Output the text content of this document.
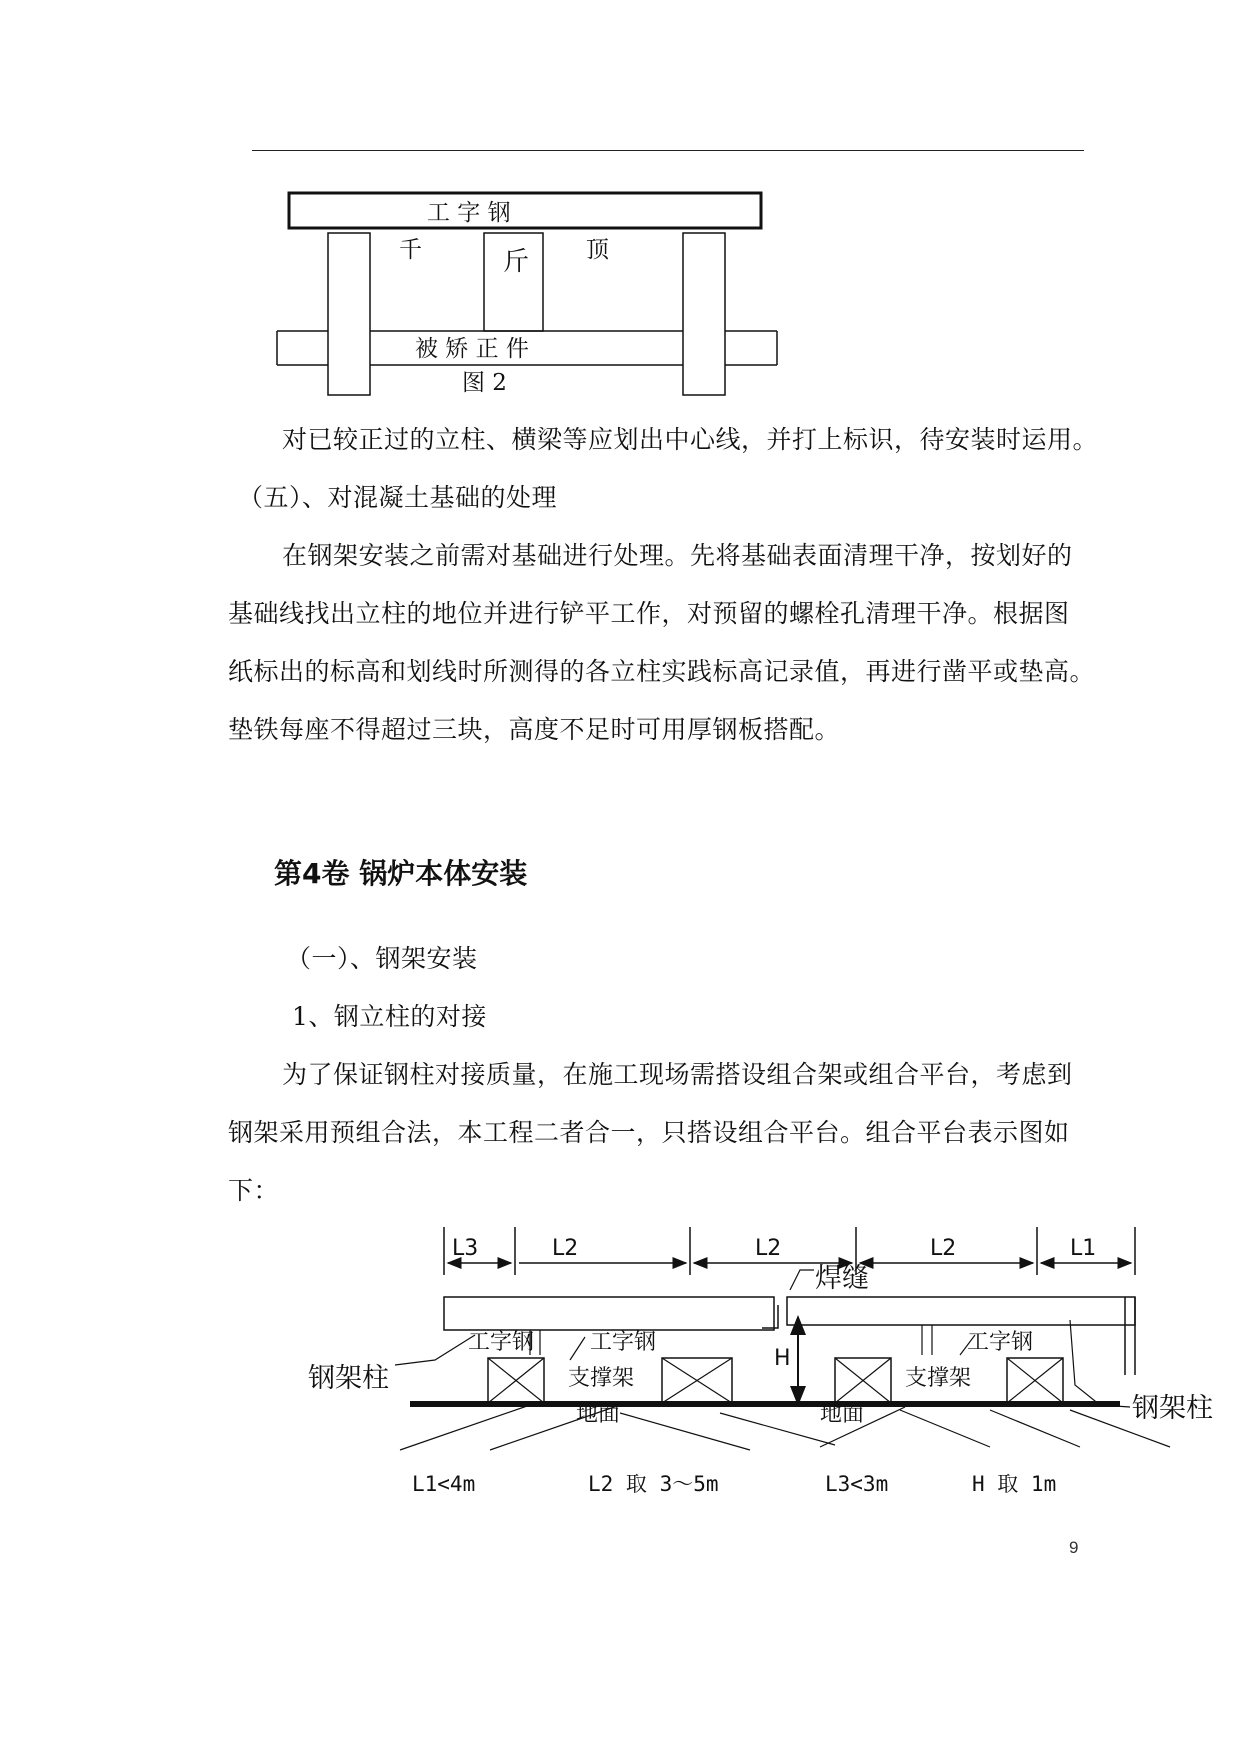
工 字 钢
千	斤 顶
被 矫 正 件
图 2
对已较正过的立柱、横梁等应划出中心线，并打上标识，待安装时运用。
（五）、对混凝土基础的处理
在钢架安装之前需对基础进行处理。先将基础表面清理干净，按划好的
基础线找出立柱的地位并进行铲平工作，对预留的螺栓孔清理干净。根据图
纸标出的标高和划线时所测得的各立柱实践标高记录值，再进行凿平或垫高。
垫铁每座不得超过三块，高度不足时可用厚钢板搭配。
第4卷 锅炉本体安装
（一）、钢架安装
1、钢立柱的对接
为了保证钢柱对接质量，在施工现场需搭设组合架或组合平台，考虑到
钢架采用预组合法，本工程二者合一，只搭设组合平台。组合平台表示图如
下：
L3	L2	L2	L2	L1
焊缝
H
工字钢	工字钢	工字钢
支撑架	支撑架
地面	地面
钢架柱
钢架柱
L1<4m	L2 取 3～5m	L3<3m	H 取 1m
9
